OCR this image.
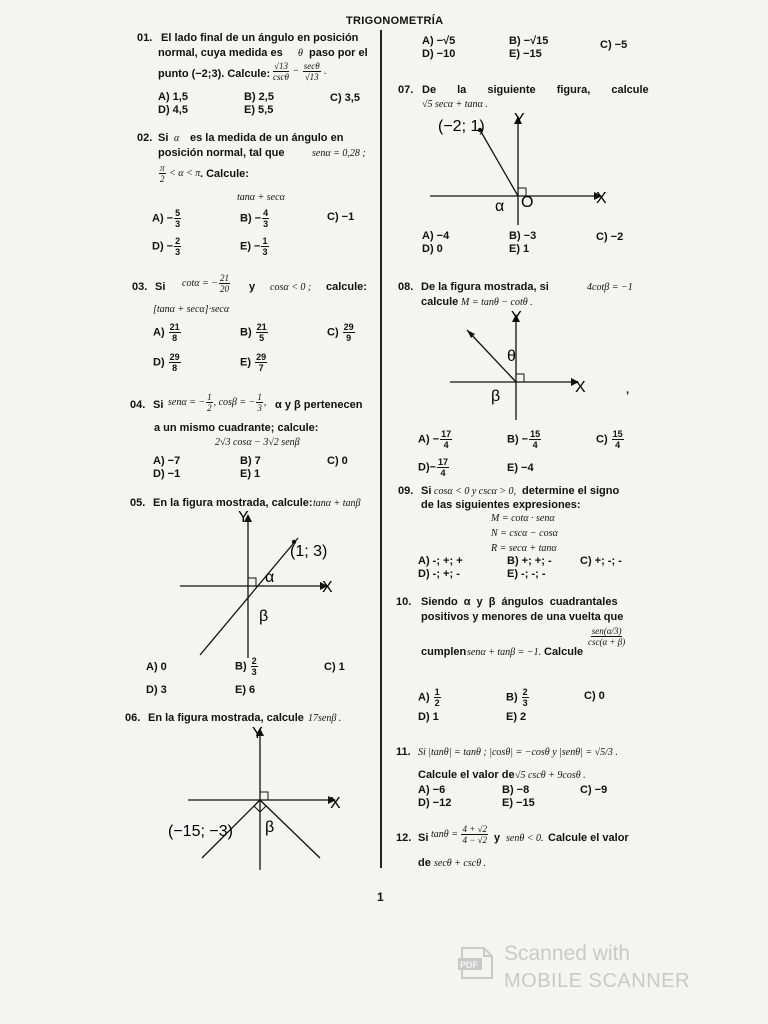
TRIGONOMETRÍA
01. El lado final de un ángulo en posición
normal, cuya medida es θ paso por el
punto (−2;3). Calcule:
√13
cscθ
− secθ
√13
.
A) 1,5	B) 2,5	C) 3,5
D) 4,5	E) 5,5
02. Si α es la medida de un ángulo en
posición normal, tal que	senα = 0,28 ;
$\frac{\pi}{2} < \alpha < \pi$ . Calcule:
tanα + secα
$A) - \frac{5}{3}$	$B) - \frac{4}{3}$	C) −1
$D) - \frac{2}{3}$	$E) - \frac{1}{3}$
03. Si cotα = − $\frac{21}{20}$ y cosα < 0 ; calcule:
[tanα + secα]·secα
$A) \frac{21}{8}$	$B) \frac{21}{5}$	$C) \frac{29}{9}$
$D) \frac{29}{8}$	$E) \frac{29}{7}$
04. Si senα = − $\frac{1}{2}$ , cosβ = − $\frac{1}{3}$ , α y β pertenecen
a un mismo cuadrante; calcule:
2√3 cosα − 3√2 senβ
A) −7	B) 7	C) 0
D) −1	E) 1
05. En la figura mostrada, calcule: tanα + tanβ
Y
X
(1; 3)
α
β
A) 0	$B) \frac{2}{3}$	C) 1
D) 3	E) 6
06. En la figura mostrada, calcule 17senβ .
Y
X
(−15; −3) β
A) −√5	B) −√15	C) −5
D) −10	E) −15
07. De la siguiente figura, calcule
√5 secα + tanα .
Y
X
(−2; 1)
α O
A) −4	B) −3	C) −2
D) 0	E) 1
08. De la figura mostrada, si	4cotβ = −1
calcule M = tanθ − cotθ .
Y
X
θ
β	,
$A) - \frac{17}{4}$	$B) - \frac{15}{4}$	$C) \frac{15}{4}$
$D)- \frac{17}{4}$	E) −4
09. Si cosα < 0 y cscα > 0, determine el signo
de las siguientes expresiones:
M = cotα · senα
N = cscα − cosα
R = secα + tanα
A) -; +; +	B) +; +; -	C) +; -; -
D) -; +; -	E) -; -; -
10. Siendo α y β ángulos cuadrantales
positivos y menores de una vuelta que
cumplen senα + tanβ = −1. Calcule
sen(α/3)
csc(α + β)
$A) \frac{1}{2}$	$B) \frac{2}{3}$	C) 0
D) 1	E) 2
11. Si |tanθ| = tanθ ; |cosθ| = −cosθ y |senθ| = √5/3 .
Calcule el valor de √5 cscθ + 9cosθ .
A) −6	B) −8	C) −9
D) −12	E) −15
12. Si $\tan\theta = \frac{4 + √2}{4 - √2}$ y senθ < 0. Calcule el valor
de secθ + cscθ .
1
PDF Scanned with
MOBILE SCANNER
